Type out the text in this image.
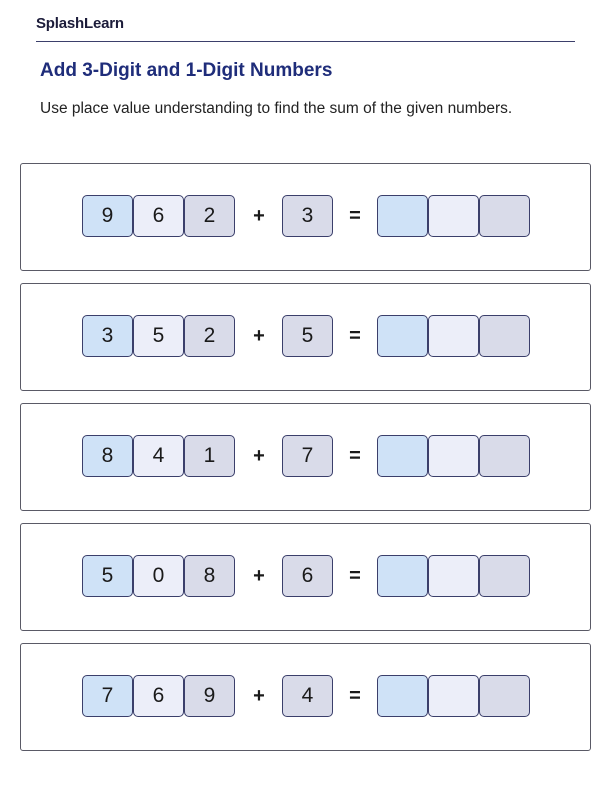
SplashLearn
Add 3-Digit and 1-Digit Numbers
Use place value understanding to find the sum of the given numbers.
9	6	2	+	3	=
3	5	2	+	5	=
8	4	1	+	7	=
5	0	8	+	6	=
7	6	9	+	4	=
